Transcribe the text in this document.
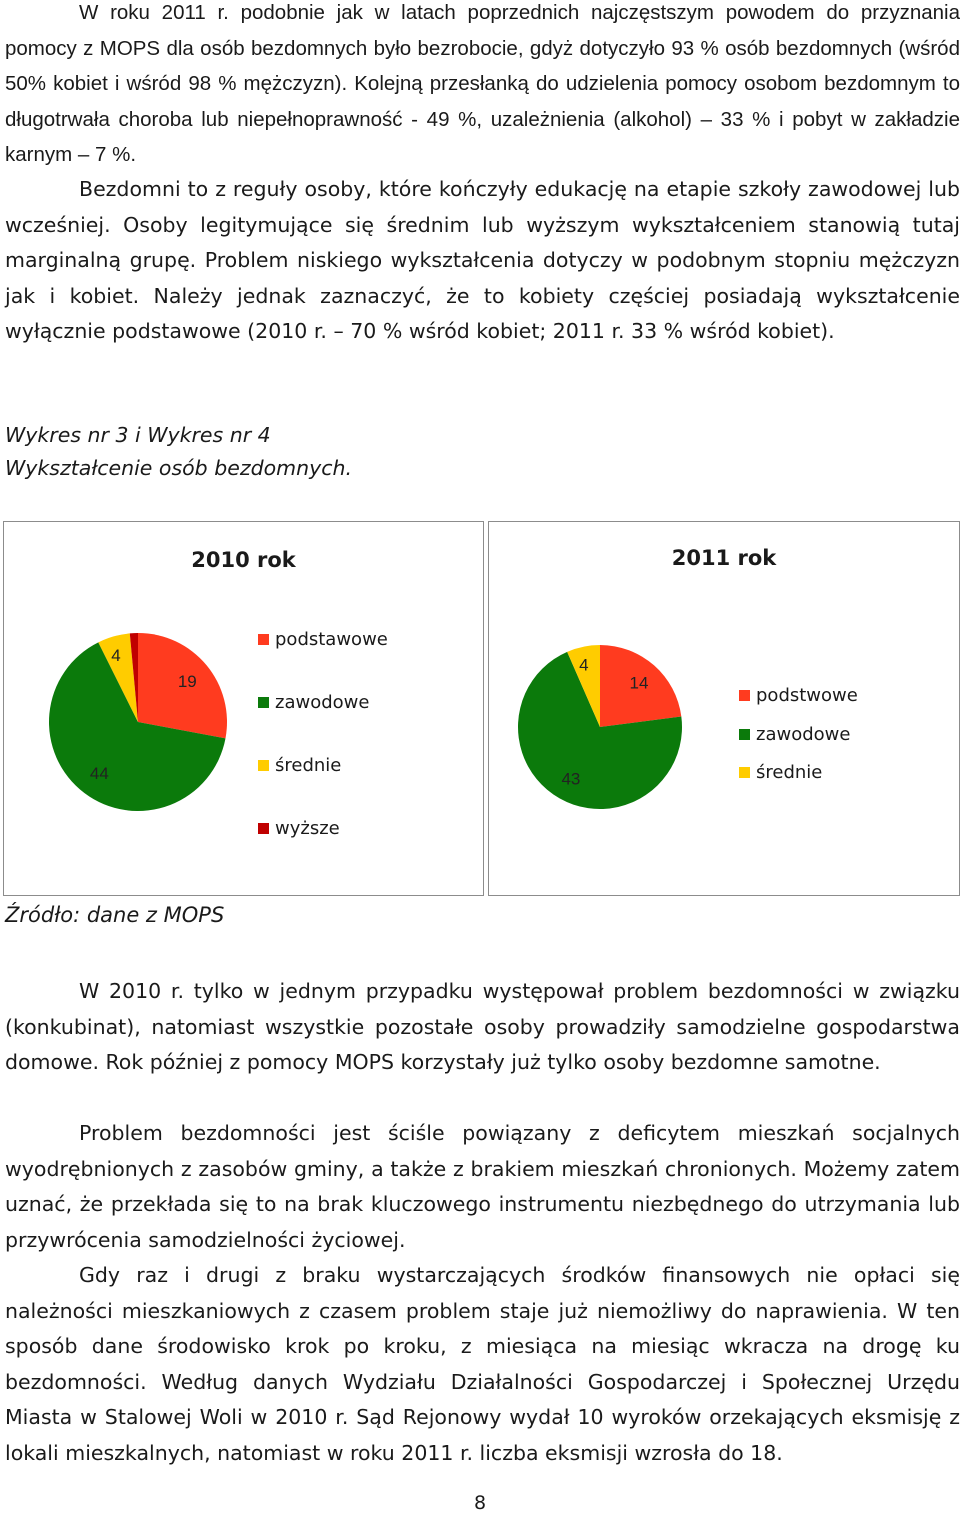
W roku 2011 r. podobnie jak w latach poprzednich najczęstszym powodem do przyznania pomocy z MOPS dla osób bezdomnych było bezrobocie, gdyż dotyczyło 93 % osób bezdomnych (wśród 50% kobiet i wśród 98 % mężczyzn). Kolejną przesłanką do udzielenia pomocy osobom bezdomnym to długotrwała choroba lub niepełnoprawność - 49 %, uzależnienia (alkohol) – 33 % i pobyt w zakładzie karnym – 7 %.

Bezdomni to z reguły osoby, które kończyły edukację na etapie szkoły zawodowej lub wcześniej. Osoby legitymujące się średnim lub wyższym wykształceniem stanowią tutaj marginalną grupę. Problem niskiego wykształcenia dotyczy w podobnym stopniu mężczyzn jak i kobiet. Należy jednak zaznaczyć, że to kobiety częściej posiadają wykształcenie wyłącznie podstawowe (2010 r. – 70 % wśród kobiet; 2011 r. 33 % wśród kobiet).

Wykres nr 3 i Wykres nr 4

Wykształcenie osób bezdomnych.

2010 rok
19
44
4
podstawowe
zawodowe
średnie
wyższe
2011 rok
14
43
4
podstwowe
zawodowe
średnie
Źródło: dane z MOPS

W 2010 r. tylko w jednym przypadku występował problem bezdomności w związku (konkubinat), natomiast wszystkie pozostałe osoby prowadziły samodzielne gospodarstwa domowe. Rok później z pomocy MOPS korzystały już tylko osoby bezdomne samotne.

Problem bezdomności jest ściśle powiązany z deficytem mieszkań socjalnych wyodrębnionych z zasobów gminy, a także z brakiem mieszkań chronionych. Możemy zatem uznać, że przekłada się to na brak kluczowego instrumentu niezbędnego do utrzymania lub przywrócenia samodzielności życiowej.

Gdy raz i drugi z braku wystarczających środków finansowych nie opłaci się należności mieszkaniowych z czasem problem staje już niemożliwy do naprawienia. W ten sposób dane środowisko krok po kroku, z miesiąca na miesiąc wkracza na drogę ku bezdomności. Według danych Wydziału Działalności Gospodarczej i Społecznej Urzędu Miasta w Stalowej Woli w 2010 r. Sąd Rejonowy wydał 10 wyroków orzekających eksmisję z lokali mieszkalnych, natomiast w roku 2011 r. liczba eksmisji wzrosła do 18.

8
